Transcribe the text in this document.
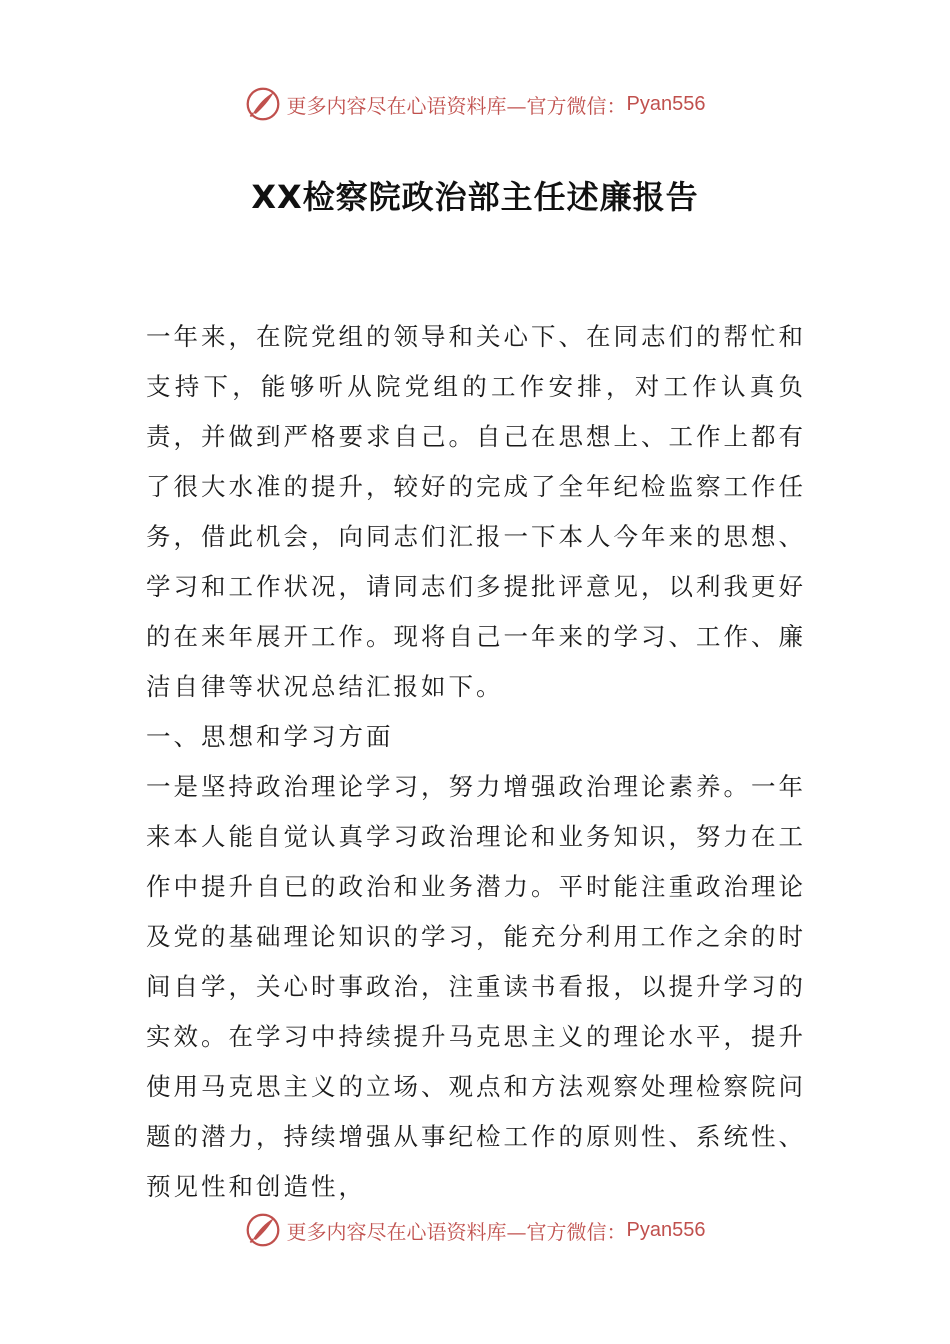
更多内容尽在心语资料库—官方微信： Pyan556
XX检察院政治部主任述廉报告

一年来，在院党组的领导和关心下、在同志们的帮忙和支持下，能够听从院党组的工作安排，对工作认真负责，并做到严格要求自己。自己在思想上、工作上都有了很大水准的提升，较好的完成了全年纪检监察工作任务，借此机会，向同志们汇报一下本人今年来的思想、学习和工作状况，请同志们多提批评意见，以利我更好的在来年展开工作。现将自己一年来的学习、工作、廉洁自律等状况总结汇报如下。

一、思想和学习方面

一是坚持政治理论学习，努力增强政治理论素养。一年来本人能自觉认真学习政治理论和业务知识，努力在工作中提升自已的政治和业务潜力。平时能注重政治理论及党的基础理论知识的学习，能充分利用工作之余的时间自学，关心时事政治，注重读书看报，以提升学习的实效。在学习中持续提升马克思主义的理论水平，提升使用马克思主义的立场、观点和方法观察处理检察院问题的潜力，持续增强从事纪检工作的原则性、系统性、预见性和创造性，

更多内容尽在心语资料库—官方微信： Pyan556
